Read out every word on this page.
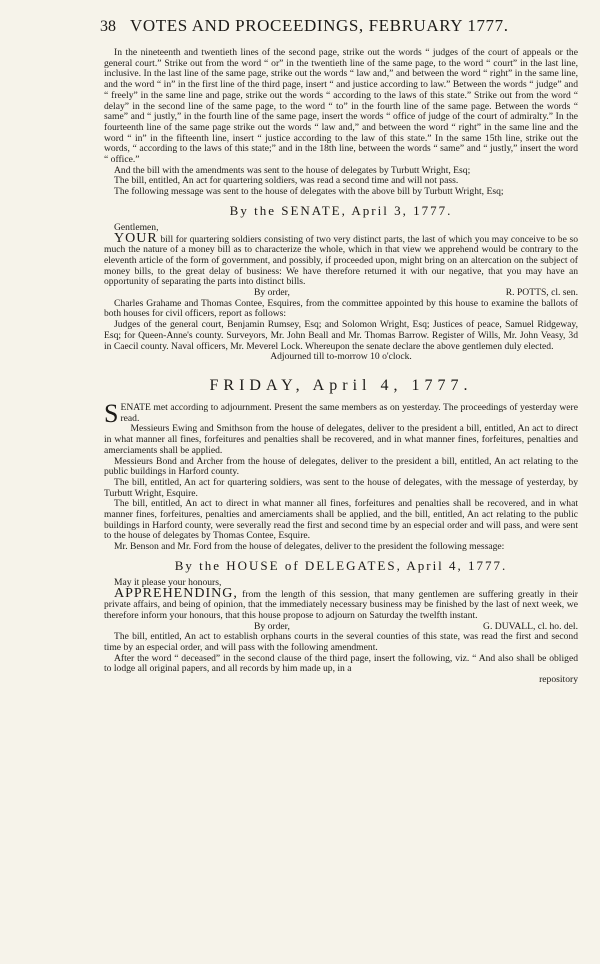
38 VOTES AND PROCEEDINGS, FEBRUARY 1777.

In the nineteenth and twentieth lines of the second page, strike out the words “ judges of the court of appeals or the general court.” Strike out from the word “ or” in the twentieth line of the same page, to the word “ court” in the last line, inclusive. In the last line of the same page, strike out the words “ law and,” and between the word “ right” in the same line, and the word “ in” in the first line of the third page, insert “ and justice according to law.” Between the words “ judge” and “ freely” in the same line and page, strike out the words “ according to the laws of this state.” Strike out from the word “ delay” in the second line of the same page, to the word “ to” in the fourth line of the same page. Between the words “ same” and “ justly,” in the fourth line of the same page, insert the words “ office of judge of the court of admiralty.” In the fourteenth line of the same page strike out the words “ law and,” and between the word “ right” in the same line and the word “ in” in the fifteenth line, insert “ justice according to the law of this state.” In the same 15th line, strike out the words, “ according to the laws of this state;” and in the 18th line, between the words “ same” and “ justly,” insert the word “ office.”

And the bill with the amendments was sent to the house of delegates by Turbutt Wright, Esq;

The bill, entitled, An act for quartering soldiers, was read a second time and will not pass.

The following message was sent to the house of delegates with the above bill by Turbutt Wright, Esq;

By the SENATE, April 3, 1777.

Gentlemen,

YOUR bill for quartering soldiers consisting of two very distinct parts, the last of which you may conceive to be so much the nature of a money bill as to characterize the whole, which in that view we apprehend would be contrary to the eleventh article of the form of government, and possibly, if proceeded upon, might bring on an altercation on the subject of money bills, to the great delay of business: We have therefore returned it with our negative, that you may have an opportunity of separating the parts into distinct bills.

By order,	R. POTTS, cl. sen.

Charles Grahame and Thomas Contee, Esquires, from the committee appointed by this house to examine the ballots of both houses for civil officers, report as follows:

Judges of the general court, Benjamin Rumsey, Esq; and Solomon Wright, Esq; Justices of peace, Samuel Ridgeway, Esq; for Queen-Anne's county. Surveyors, Mr. John Beall and Mr. Thomas Barrow. Register of Wills, Mr. John Veasy, 3d in Caecil county. Naval officers, Mr. Meverel Lock. Whereupon the senate declare the above gentlemen duly elected.

Adjourned till to-morrow 10 o'clock.

FRIDAY, April 4, 1777.

SENATE met according to adjournment. Present the same members as on yesterday. The proceedings of yesterday were read.

Messieurs Ewing and Smithson from the house of delegates, deliver to the president a bill, entitled, An act to direct in what manner all fines, forfeitures and penalties shall be recovered, and in what manner fines, forfeitures, penalties and amerciaments shall be applied.

Messieurs Bond and Archer from the house of delegates, deliver to the president a bill, entitled, An act relating to the public buildings in Harford county.

The bill, entitled, An act for quartering soldiers, was sent to the house of delegates, with the message of yesterday, by Turbutt Wright, Esquire.

The bill, entitled, An act to direct in what manner all fines, forfeitures and penalties shall be recovered, and in what manner fines, forfeitures, penalties and amerciaments shall be applied, and the bill, entitled, An act relating to the public buildings in Harford county, were severally read the first and second time by an especial order and will pass, and were sent to the house of delegates by Thomas Contee, Esquire.

Mr. Benson and Mr. Ford from the house of delegates, deliver to the president the following message:

By the HOUSE of DELEGATES, April 4, 1777.

May it please your honours,

APPREHENDING, from the length of this session, that many gentlemen are suffering greatly in their private affairs, and being of opinion, that the immediately necessary business may be finished by the last of next week, we therefore inform your honours, that this house propose to adjourn on Saturday the twelfth instant.

By order,	G. DUVALL, cl. ho. del.

The bill, entitled, An act to establish orphans courts in the several counties of this state, was read the first and second time by an especial order, and will pass with the following amendment.

After the word “ deceased” in the second clause of the third page, insert the following, viz. “ And also shall be obliged to lodge all original papers, and all records by him made up, in a

repository
